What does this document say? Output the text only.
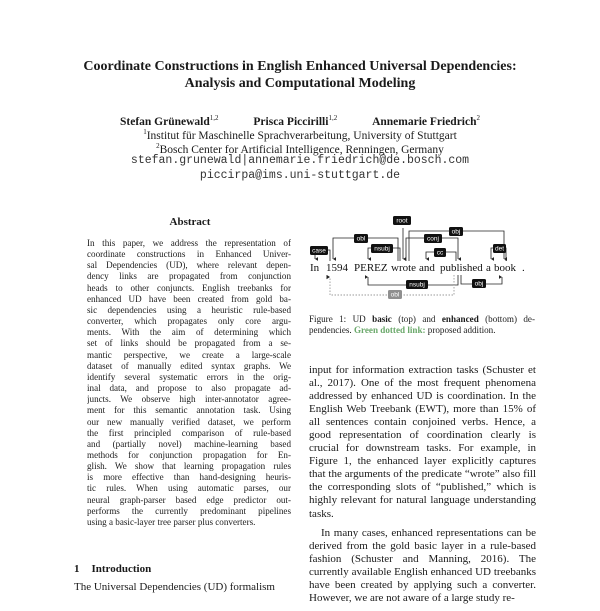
Coordinate Constructions in English Enhanced Universal Dependencies:
Analysis and Computational Modeling
Stefan Grünewald$^{1,2}$	Prisca Piccirilli$^{1,2}$	Annemarie Friedrich$^2$
$^1$Institut für Maschinelle Sprachverarbeitung, University of Stuttgart
$^2$Bosch Center for Artificial Intelligence, Renningen, Germany
stefan.grunewald|annemarie.friedrich@de.bosch.com
piccirpa@ims.uni-stuttgart.de
Abstract
In this paper, we address the representation of
coordinate constructions in Enhanced Univer-
sal Dependencies (UD), where relevant depen-
dency links are propagated from conjunction
heads to other conjuncts. English treebanks for
enhanced UD have been created from gold ba-
sic dependencies using a heuristic rule-based
converter, which propagates only core argu-
ments. With the aim of determining which
set of links should be propagated from a se-
mantic perspective, we create a large-scale
dataset of manually edited syntax graphs. We
identify several systematic errors in the orig-
inal data, and propose to also propagate ad-
juncts. We observe high inter-annotator agree-
ment for this semantic annotation task. Using
our new manually verified dataset, we perform
the first principled comparison of rule-based
and (partially novel) machine-learning based
methods for conjunction propagation for En-
glish. We show that learning propagation rules
is more effective than hand-designing heuris-
tic rules. When using automatic parses, our
neural graph-parser based edge predictor out-
performs the currently predominant pipelines
using a basic-layer tree parser plus converters.
1 Introduction
The Universal Dependencies (UD) formalism
In 1594 PEREZ wrote and published a book .
case
obl
nsubj
root
conj
cc
obj
det
nsubj	obj
obl
Figure 1: UD basic (top) and enhanced (bottom) de-pendencies. Green dotted link: proposed addition.

input for information extraction tasks (Schuster et al., 2017). One of the most frequent phenomena addressed by enhanced UD is coordination. In the English Web Treebank (EWT), more than 15% of all sentences contain conjoined verbs. Hence, a good representation of coordination clearly is crucial for downstream tasks. For example, in Figure 1, the enhanced layer explicitly captures that the arguments of the predicate “wrote” also fill the corresponding slots of “published,” which is highly relevant for natural language understanding tasks.

In many cases, enhanced representations can be derived from the gold basic layer in a rule-based fashion (Schuster and Manning, 2016). The currently available English enhanced UD treebanks have been created by applying such a converter. However, we are not aware of a large study re-
